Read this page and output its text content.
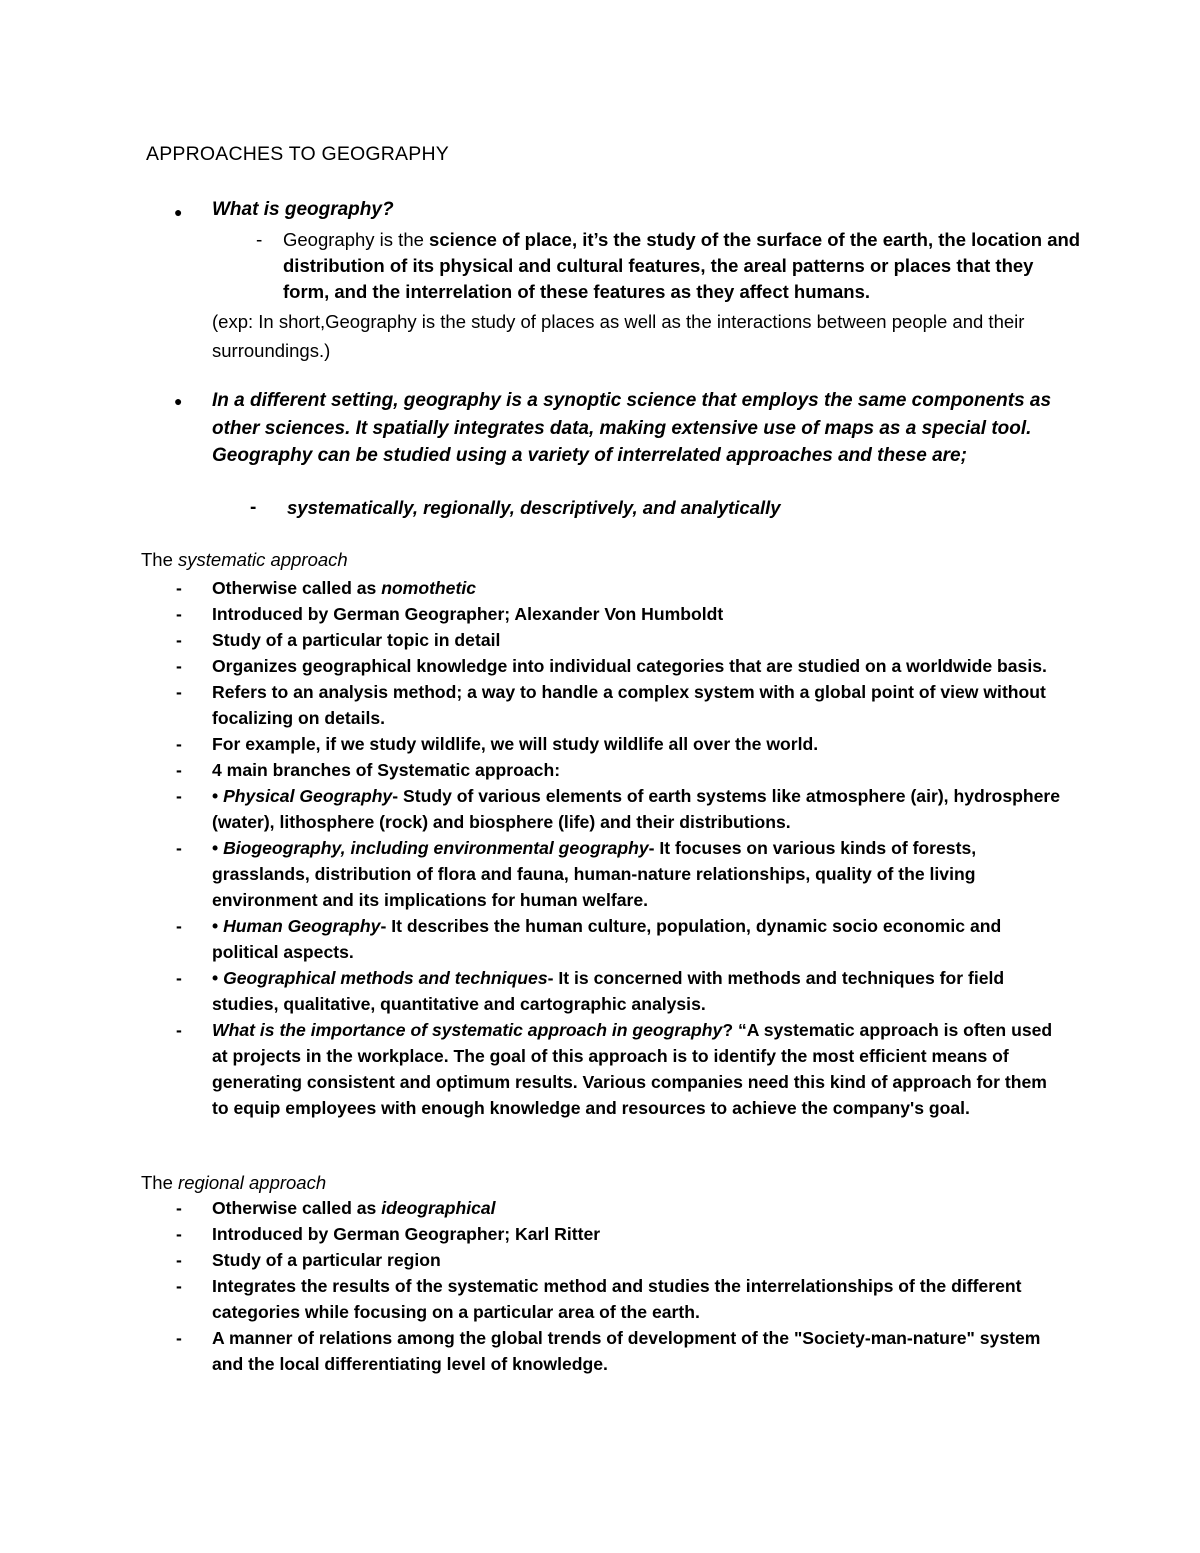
APPROACHES TO GEOGRAPHY
● What is geography?
- Geography is the science of place, it’s the study of the surface of the earth, the location and distribution of its physical and cultural features, the areal patterns or places that they form, and the interrelation of these features as they affect humans.
(exp: In short,Geography is the study of places as well as the interactions between people and their surroundings.)
● In a different setting, geography is a synoptic science that employs the same components as other sciences. It spatially integrates data, making extensive use of maps as a special tool. Geography can be studied using a variety of interrelated approaches and these are;
- systematically, regionally, descriptively, and analytically
The systematic approach
- Otherwise called as nomothetic
- Introduced by German Geographer; Alexander Von Humboldt
- Study of a particular topic in detail
- Organizes geographical knowledge into individual categories that are studied on a worldwide basis.
- Refers to an analysis method; a way to handle a complex system with a global point of view without focalizing on details.
- For example, if we study wildlife, we will study wildlife all over the world.
- 4 main branches of Systematic approach:
- • Physical Geography- Study of various elements of earth systems like atmosphere (air), hydrosphere (water), lithosphere (rock) and biosphere (life) and their distributions.
- • Biogeography, including environmental geography- It focuses on various kinds of forests, grasslands, distribution of flora and fauna, human-nature relationships, quality of the living environment and its implications for human welfare.
- • Human Geography- It describes the human culture, population, dynamic socio economic and political aspects.
- • Geographical methods and techniques- It is concerned with methods and techniques for field studies, qualitative, quantitative and cartographic analysis.
- What is the importance of systematic approach in geography? “A systematic approach is often used at projects in the workplace. The goal of this approach is to identify the most efficient means of generating consistent and optimum results. Various companies need this kind of approach for them to equip employees with enough knowledge and resources to achieve the company's goal.
The regional approach
- Otherwise called as ideographical
- Introduced by German Geographer; Karl Ritter
- Study of a particular region
- Integrates the results of the systematic method and studies the interrelationships of the different categories while focusing on a particular area of the earth.
- A manner of relations among the global trends of development of the "Society-man-nature" system and the local differentiating level of knowledge.
